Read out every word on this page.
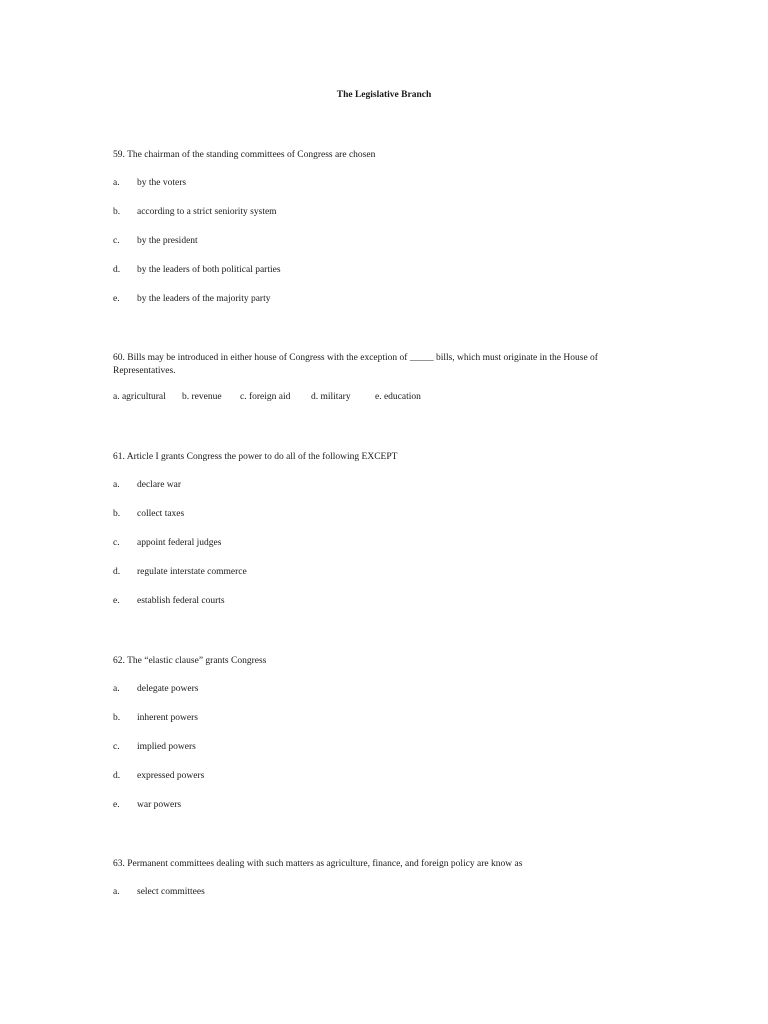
The Legislative Branch
59. The chairman of the standing committees of Congress are chosen
a.	by the voters
b.	according to a strict seniority system
c.	by the president
d.	by the leaders of both political parties
e.	by the leaders of the majority party
60. Bills may be introduced in either house of Congress with the exception of _____ bills, which must originate in the House of Representatives.
a. agricultural b. revenue c. foreign aid d. military	e. education
61. Article I grants Congress the power to do all of the following EXCEPT
a.	declare war
b.	collect taxes
c.	appoint federal judges
d.	regulate interstate commerce
e.	establish federal courts
62. The “elastic clause” grants Congress
a.	delegate powers
b.	inherent powers
c.	implied powers
d.	expressed powers
e.	war powers
63. Permanent committees dealing with such matters as agriculture, finance, and foreign policy are know as
a.	select committees
